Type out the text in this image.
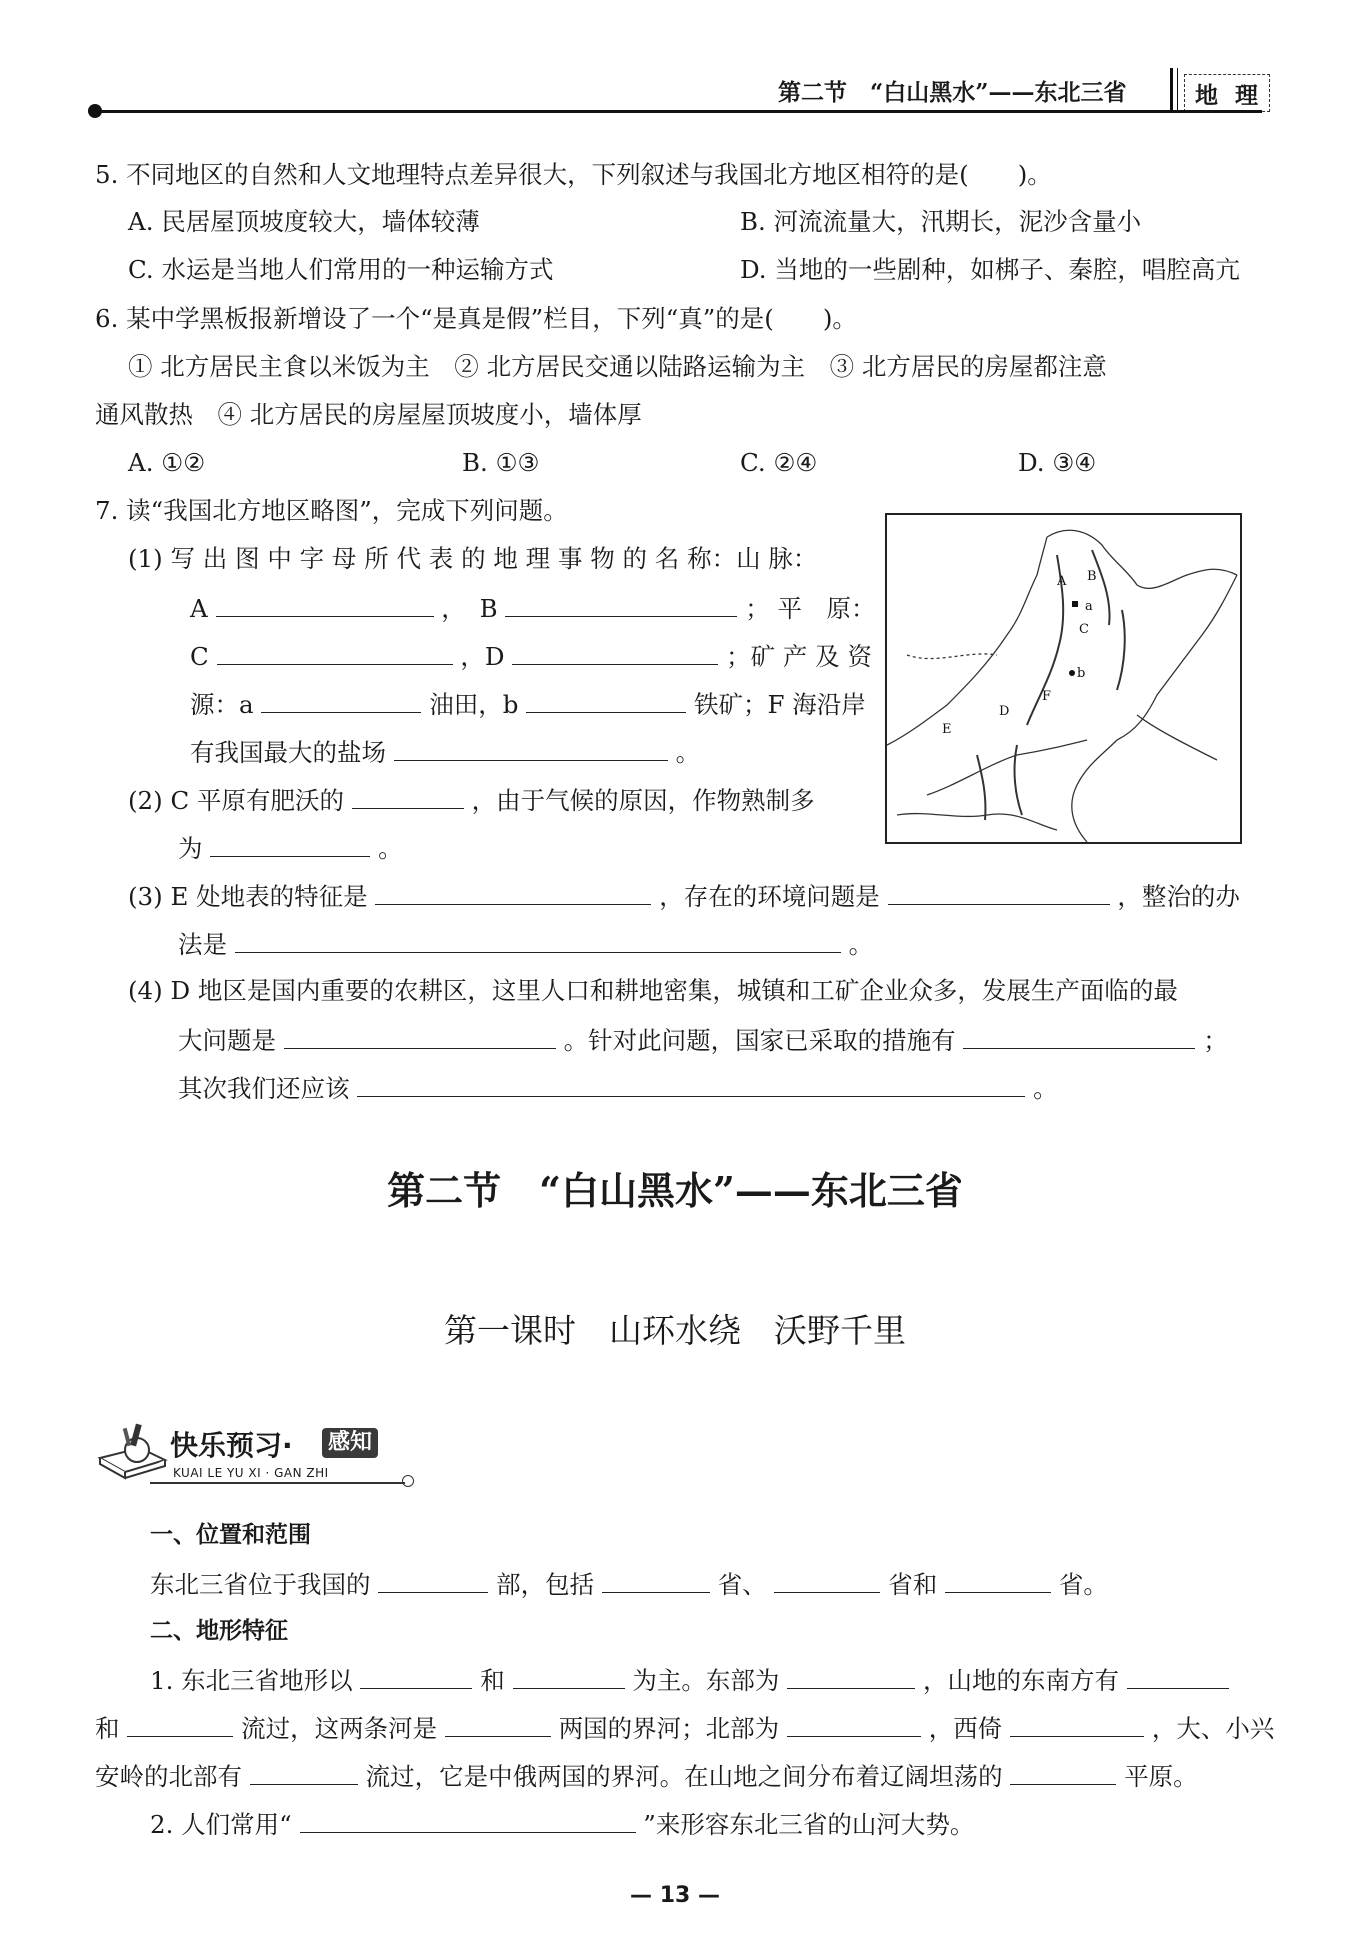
第二节　“白山黑水”——东北三省	地 理
5. 不同地区的自然和人文地理特点差异很大，下列叙述与我国北方地区相符的是(　　)。
A. 民居屋顶坡度较大，墙体较薄	B. 河流流量大，汛期长，泥沙含量小
C. 水运是当地人们常用的一种运输方式	D. 当地的一些剧种，如梆子、秦腔，唱腔高亢
6. 某中学黑板报新增设了一个“是真是假”栏目，下列“真”的是(　　)。
① 北方居民主食以米饭为主　② 北方居民交通以陆路运输为主　③ 北方居民的房屋都注意
通风散热　④ 北方居民的房屋屋顶坡度小，墙体厚
A. ①②	B. ①③	C. ②④	D. ③④
7. 读“我国北方地区略图”，完成下列问题。
(1) 写 出 图 中 字 母 所 代 表 的 地 理 事 物 的 名 称：山 脉：
A	， B	； 平　原：
C	，D	；矿 产 及 资
源：a	油田，b	铁矿；F 海沿岸
有我国最大的盐场	。
(2) C 平原有肥沃的	，由于气候的原因，作物熟制多
为	。
(3) E 处地表的特征是	，存在的环境问题是	，整治的办
法是	。
(4) D 地区是国内重要的农耕区，这里人口和耕地密集，城镇和工矿企业众多，发展生产面临的最
大问题是	。针对此问题，国家已采取的措施有	；
其次我们还应该	。
A B
a
C
b
D
E
F
第二节　“白山黑水”——东北三省
第一课时　山环水绕　沃野千里
快乐预习· 感知
KUAI LE YU XI · GAN ZHI
一、位置和范围
东北三省位于我国的	部，包括	省、	省和	省。
二、地形特征
1. 东北三省地形以	和	为主。东部为	，山地的东南方有
和	流过，这两条河是	两国的界河；北部为	，西倚	，大、小兴
安岭的北部有	流过，它是中俄两国的界河。在山地之间分布着辽阔坦荡的	平原。
2. 人们常用“	”来形容东北三省的山河大势。
— 13 —
